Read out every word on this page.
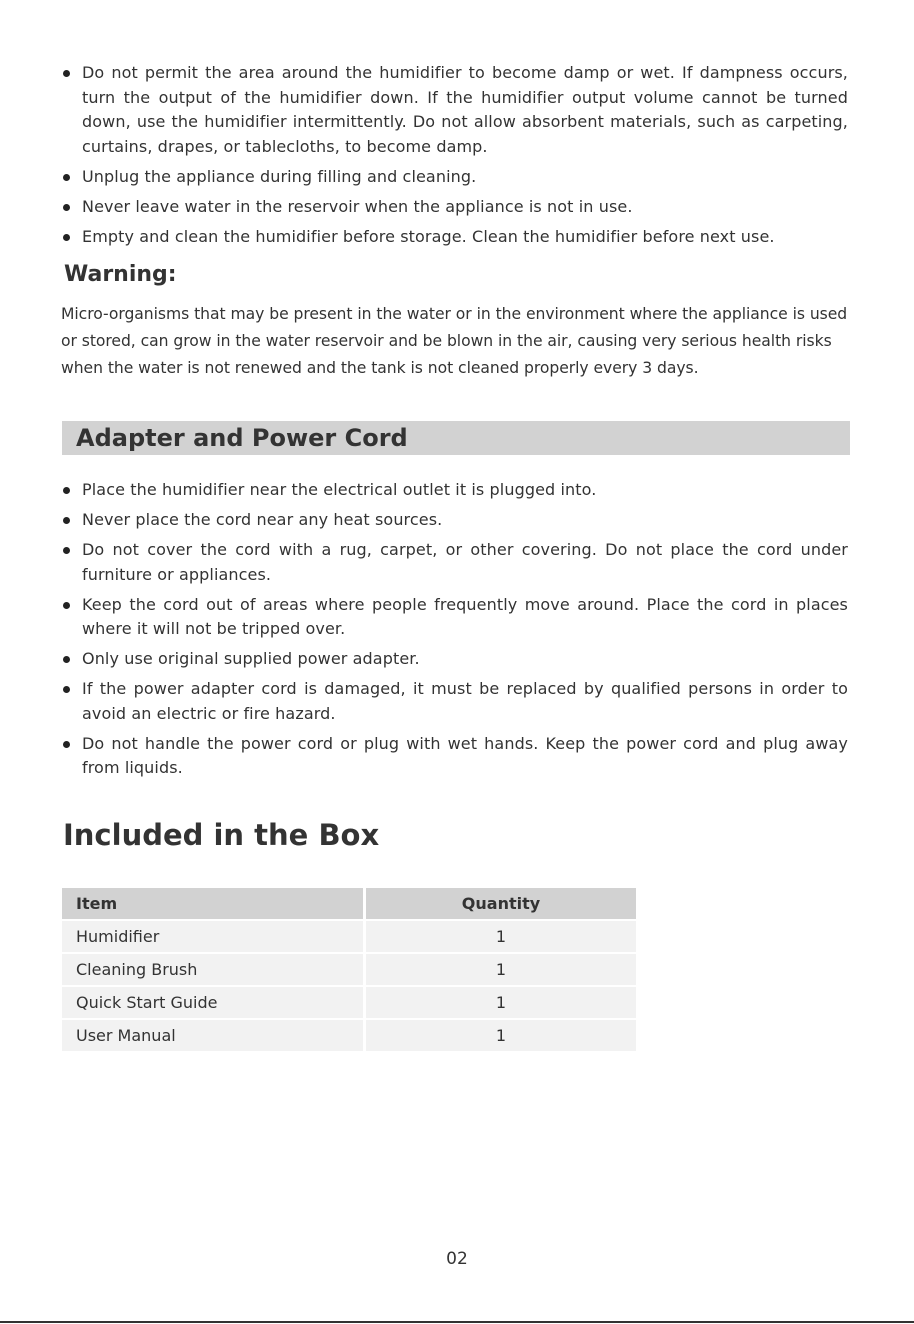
Do not permit the area around the humidifier to become damp or wet. If dampness occurs, turn the output of the humidifier down. If the humidifier output volume cannot be turned down, use the humidifier intermittently. Do not allow absorbent materials, such as carpeting, curtains, drapes, or tablecloths, to become damp.
Unplug the appliance during filling and cleaning.
Never leave water in the reservoir when the appliance is not in use.
Empty and clean the humidifier before storage. Clean the humidifier before next use.
Warning:

Micro-organisms that may be present in the water or in the environment where the appliance is used or stored, can grow in the water reservoir and be blown in the air, causing very serious health risks when the water is not renewed and the tank is not cleaned properly every 3 days.

Adapter and Power Cord
Place the humidifier near the electrical outlet it is plugged into.
Never place the cord near any heat sources.
Do not cover the cord with a rug, carpet, or other covering. Do not place the cord under furniture or appliances.
Keep the cord out of areas where people frequently move around. Place the cord in places where it will not be tripped over.
Only use original supplied power adapter.
If the power adapter cord is damaged, it must be replaced by qualified persons in order to avoid an electric or fire hazard.
Do not handle the power cord or plug with wet hands. Keep the power cord and plug away from liquids.
Included in the Box
Item	Quantity
Humidifier	1
Cleaning Brush	1
Quick Start Guide	1
User Manual	1
02
